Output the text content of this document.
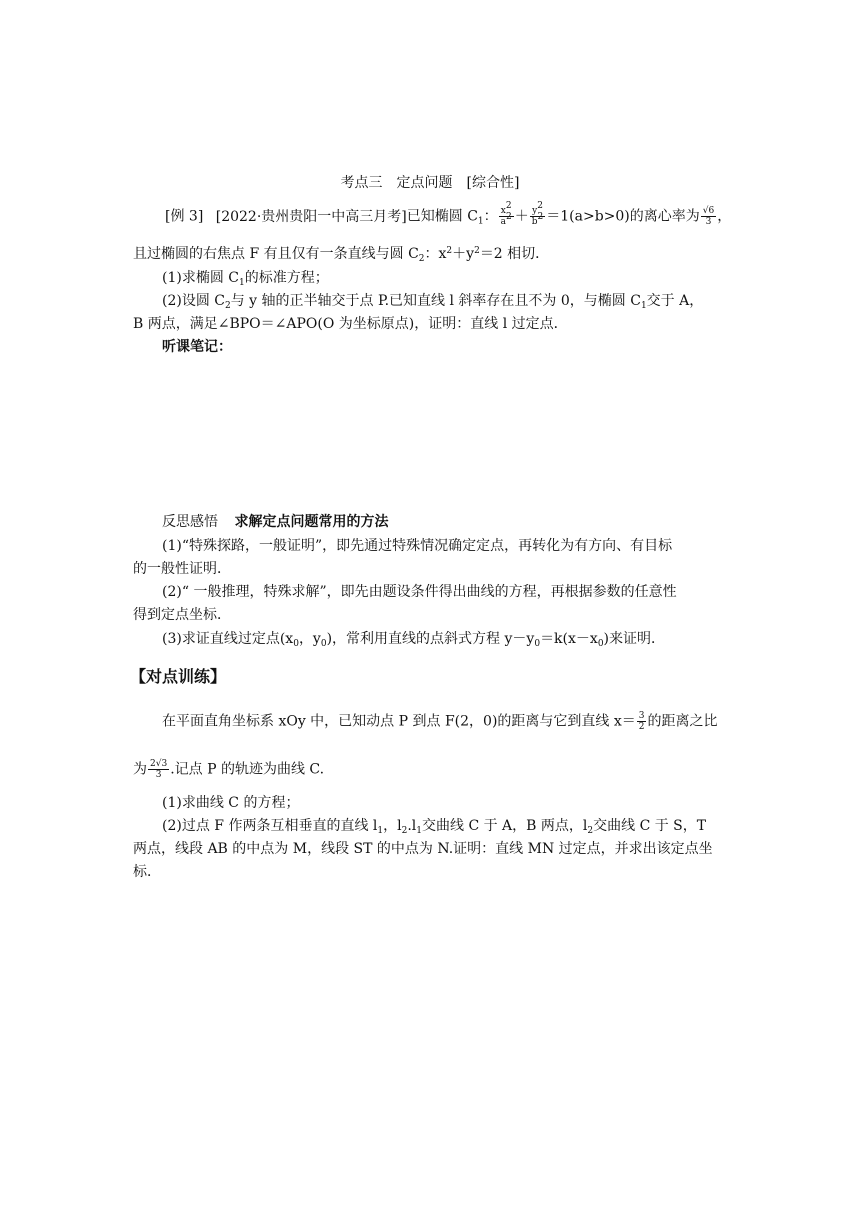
考点三　定点问题　[综合性]
[例 3] [2022·贵州贵阳一中高三月考]已知椭圆 $C_1$： $\frac{x^2}{a^2} + \frac{y^2}{b^2} =1(a>b>0)$的离心率为 $\frac{√6}{3}$ ，
且过椭圆的右焦点 F 有且仅有一条直线与圆 $C_2$：$x^2+y^2=2$ 相切．
(1)求椭圆 $C_1$的标准方程；
(2)设圆 $C_2$与 y 轴的正半轴交于点 P.已知直线 l 斜率存在且不为 0，与椭圆 $C_1$交于 A，
B 两点，满足∠BPO＝∠APO(O 为坐标原点)，证明：直线 l 过定点．
听课笔记：
反思感悟 求解定点问题常用的方法
(1)“特殊探路，一般证明”，即先通过特殊情况确定定点，再转化为有方向、有目标
的一般性证明．
(2)“ 一般推理，特殊求解”，即先由题设条件得出曲线的方程，再根据参数的任意性
得到定点坐标．
(3)求证直线过定点($x_0$，$y_0$)，常利用直线的点斜式方程 $y-y_0=k(x-x_0)$来证明．
【对点训练】
在平面直角坐标系 xOy 中，已知动点 P 到点 F(2，0)的距离与它到直线 $x= \frac{3}{2}$ 的距离之比
为 $\frac{2√3}{3}$ .记点 P 的轨迹为曲线 C.
(1)求曲线 C 的方程；
(2)过点 F 作两条互相垂直的直线 $l_1$，$l_2.l_1$交曲线 C 于 A，B 两点，$l_2$交曲线 C 于 S，T
两点，线段 AB 的中点为 M，线段 ST 的中点为 N.证明：直线 MN 过定点，并求出该定点坐
标．
